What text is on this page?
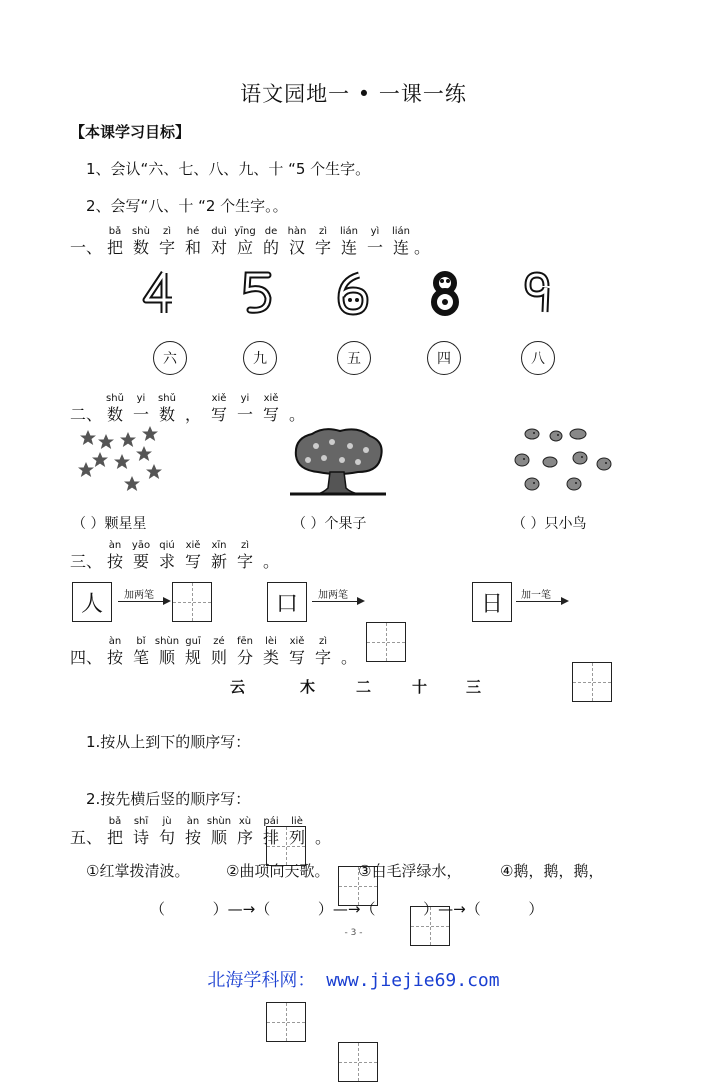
语文园地一 • 一课一练
【本课学习目标】
1、会认“六、七、八、九、十 “5 个生字。
2、会写“八、十 “2 个生字。。
一、
bǎ
把
shù
数
zì
字
hé
和
duì
对
yīng
应
de
的
hàn
汉
zì
字
lián
连
yì
一
lián
连 。
六	九	五	四	八
二、
shǔ
数
yi
一
shǔ
数 ，
xiě
写
yi
一
xiě
写 。
（ ）颗星星	（ ）个果子	（ ）只小鸟
三、
àn
按
yāo
要
qiú
求
xiě
写
xīn
新
zì
字 。
人	加两笔	口	加两笔	日	加一笔
四、
àn
按
bǐ
笔
shùn
顺
guī
规
zé
则
fēn
分
lèi
类
xiě
写
zì
字 。
云	木	二	十	三
1.按从上到下的顺序写：
2.按先横后竖的顺序写：
五、
bǎ
把
shī
诗
jù
句
àn
按
shùn
顺
xù
序
pái
排
liè
列 。
①红掌拨清波。 ②曲项向天歌。 ③白毛浮绿水，	④鹅，鹅，鹅，
（          ）—→（          ）—→（          ）—→（          ）
- 3 -
北海学科网： www.jiejie69.com
